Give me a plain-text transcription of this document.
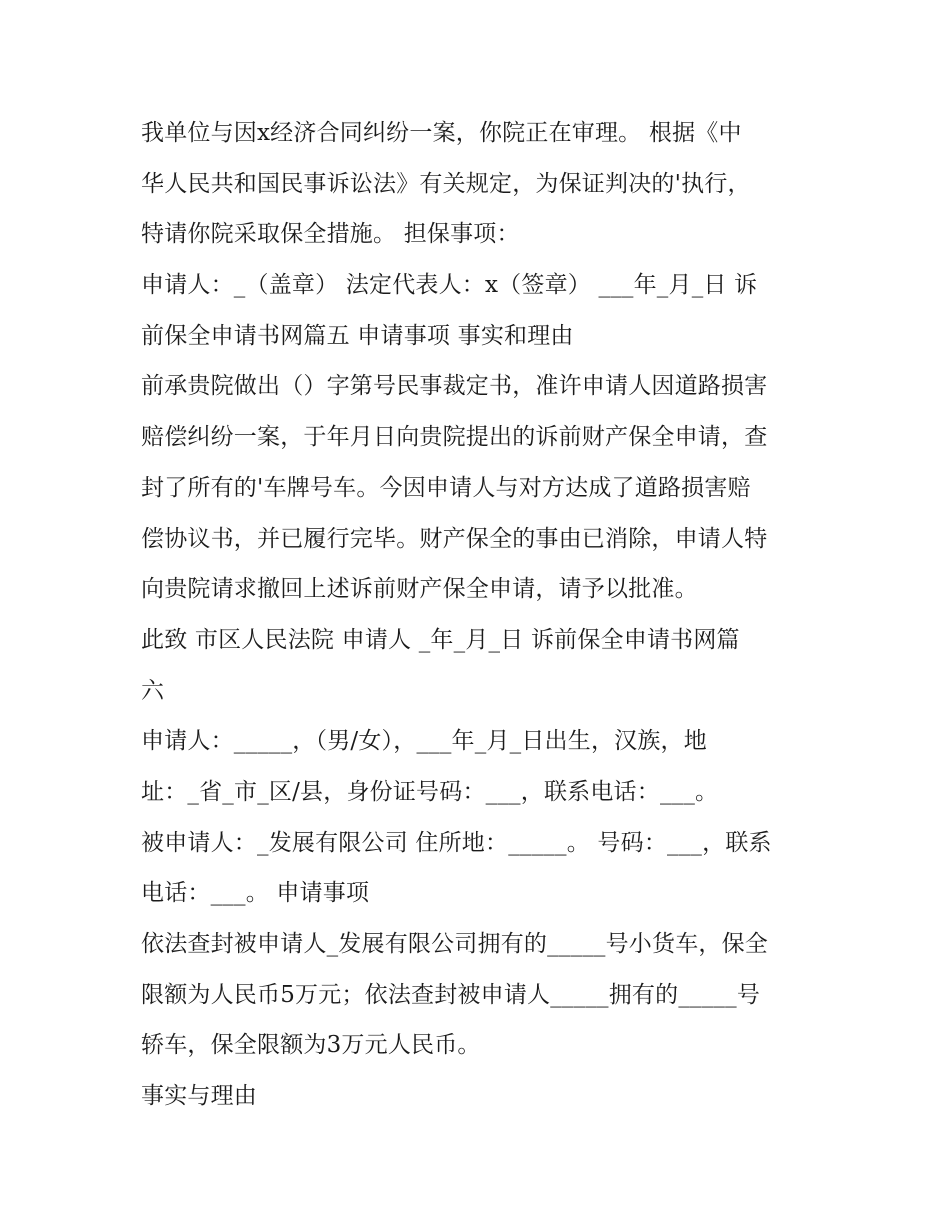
我单位与因x经济合同纠纷一案，你院正在审理。 根据《中
华人民共和国民事诉讼法》有关规定，为保证判决的'执行，
特请你院采取保全措施。 担保事项：
申请人：_（盖章） 法定代表人：x（签章） ___年_月_日 诉
前保全申请书网篇五 申请事项 事实和理由
前承贵院做出（）字第号民事裁定书，准许申请人因道路损害
赔偿纠纷一案，于年月日向贵院提出的诉前财产保全申请，查
封了所有的'车牌号车。今因申请人与对方达成了道路损害赔
偿协议书，并已履行完毕。财产保全的事由已消除，申请人特
向贵院请求撤回上述诉前财产保全申请，请予以批准。
此致 市区人民法院 申请人 _年_月_日 诉前保全申请书网篇
六
申请人：_____，（男/女），___年_月_日出生，汉族，地
址：_省_市_区/县，身份证号码：___，联系电话：___。
被申请人：_发展有限公司 住所地：_____。 号码：___，联系
电话：___。 申请事项
依法查封被申请人_发展有限公司拥有的_____号小货车，保全
限额为人民币5万元；依法查封被申请人_____拥有的_____号
轿车，保全限额为3万元人民币。
事实与理由
